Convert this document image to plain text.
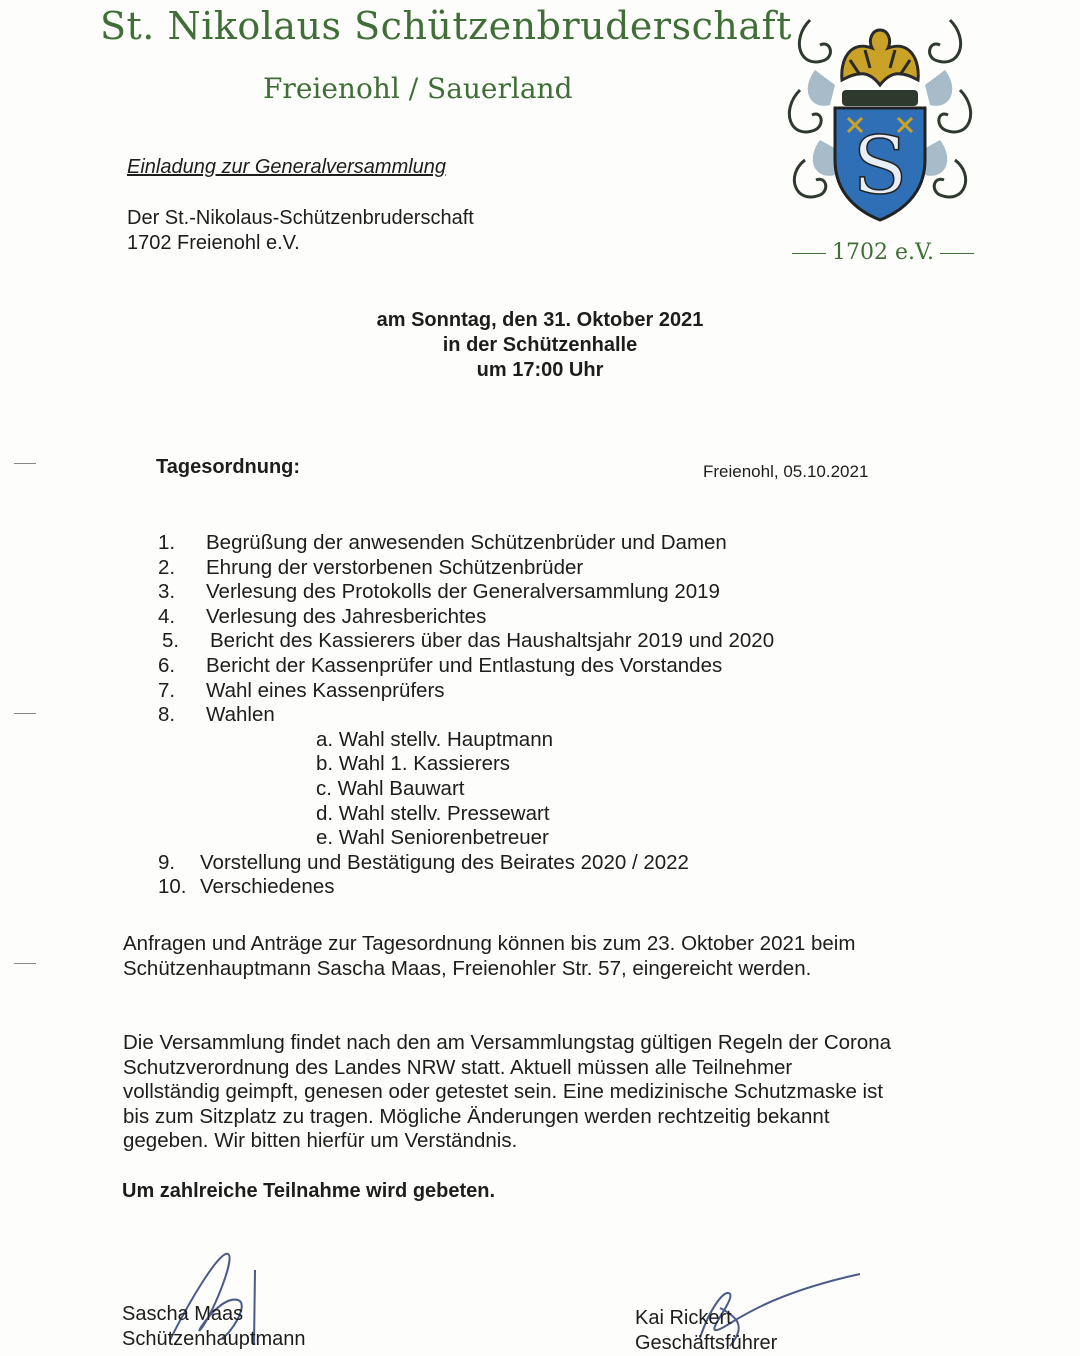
St. Nikolaus Schützenbruderschaft
Freienohl / Sauerland
S
1702 e.V.
Einladung zur Generalversammlung
Der St.-Nikolaus-Schützenbruderschaft
1702 Freienohl e.V.
am Sonntag, den 31. Oktober 2021
in der Schützenhalle
um 17:00 Uhr
Tagesordnung:	Freienohl, 05.10.2021
1.	Begrüßung der anwesenden Schützenbrüder und Damen
2.	Ehrung der verstorbenen Schützenbrüder
3.	Verlesung des Protokolls der Generalversammlung 2019
4.	Verlesung des Jahresberichtes
5.	Bericht des Kassierers über das Haushaltsjahr 2019 und 2020
6.	Bericht der Kassenprüfer und Entlastung des Vorstandes
7.	Wahl eines Kassenprüfers
8.	Wahlen
a. Wahl stellv. Hauptmann
b. Wahl 1. Kassierers
c. Wahl Bauwart
d. Wahl stellv. Pressewart
e. Wahl Seniorenbetreuer
9.	Vorstellung und Bestätigung des Beirates 2020 / 2022
10. Verschiedenes
Anfragen und Anträge zur Tagesordnung können bis zum 23. Oktober 2021 beim
Schützenhauptmann Sascha Maas, Freienohler Str. 57, eingereicht werden.
Die Versammlung findet nach den am Versammlungstag gültigen Regeln der Corona
Schutzverordnung des Landes NRW statt. Aktuell müssen alle Teilnehmer
vollständig geimpft, genesen oder getestet sein. Eine medizinische Schutzmaske ist
bis zum Sitzplatz zu tragen. Mögliche Änderungen werden rechtzeitig bekannt
gegeben. Wir bitten hierfür um Verständnis.
Um zahlreiche Teilnahme wird gebeten.
Sascha Maas
Schützenhauptmann
Kai Rickert
Geschäftsführer
